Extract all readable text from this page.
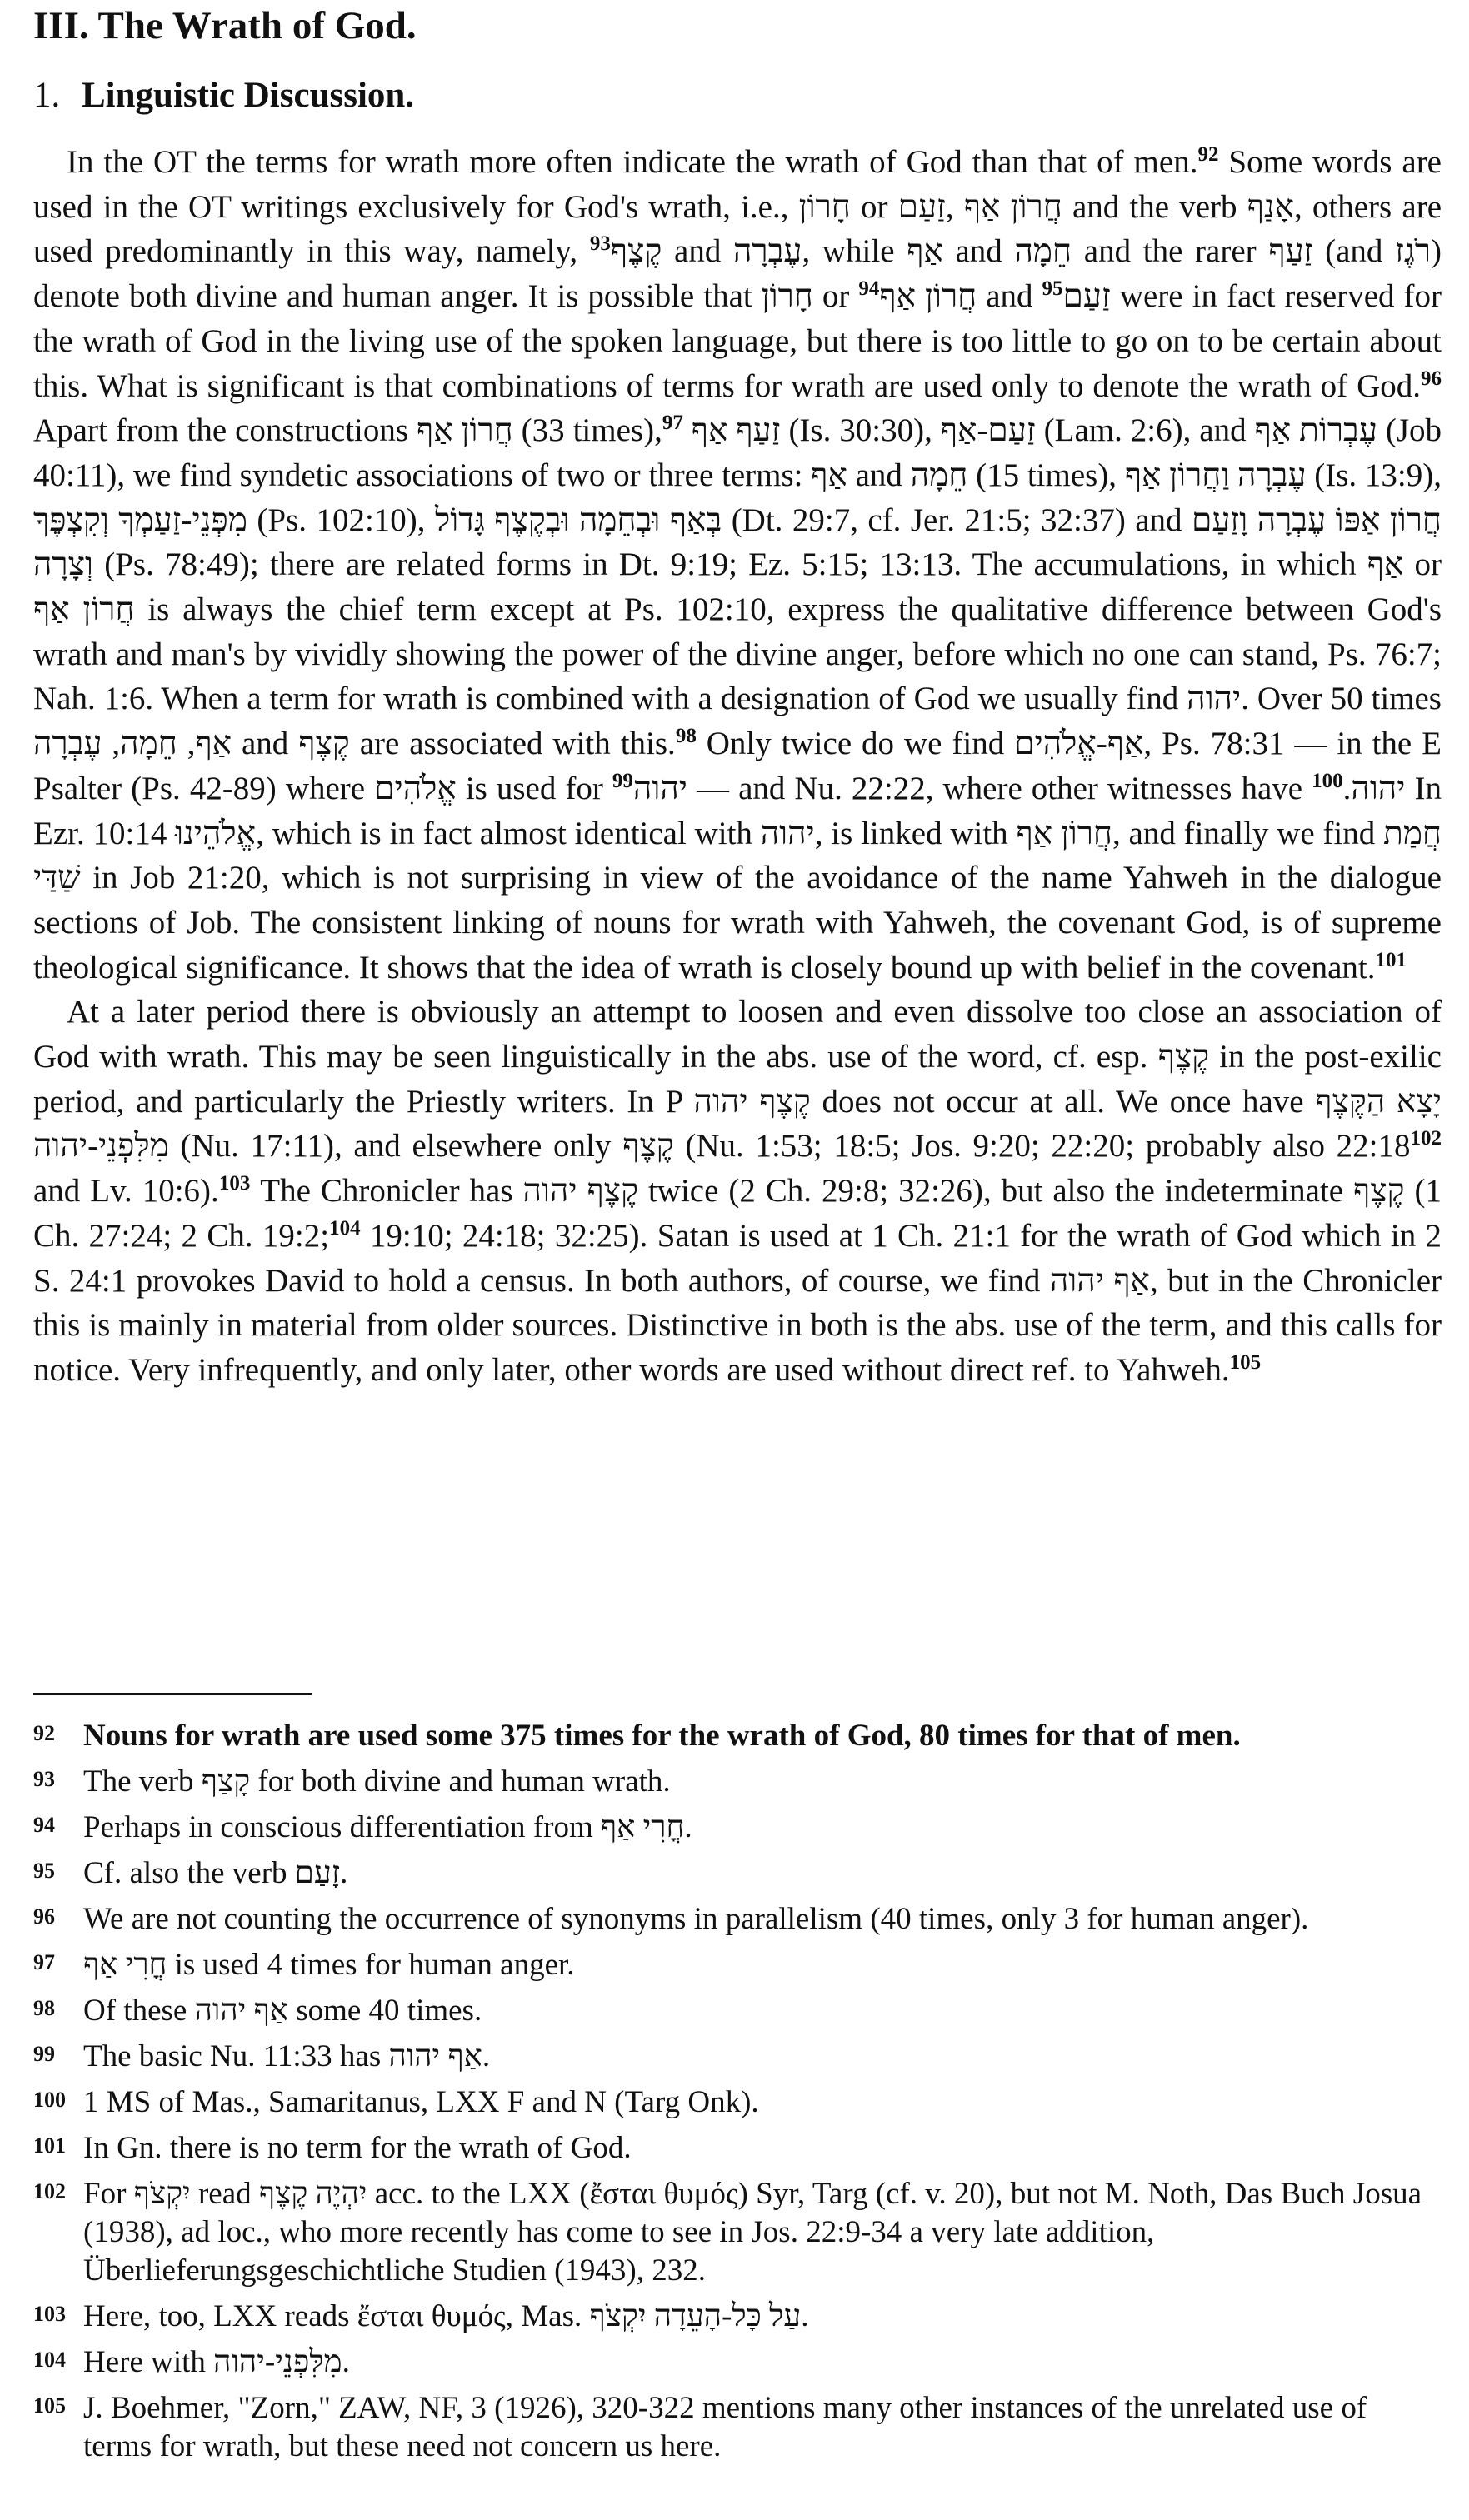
III. The Wrath of God.
1. Linguistic Discussion.

In the OT the terms for wrath more often indicate the wrath of God than that of men.$^{92}$ Some words are used in the OT writings exclusively for God's wrath, i.e., חָרוֹן or חֲרוֹן אַף ,זַעַם and the verb אָנַף, others are used predominantly in this way, namely, קֶצֶף$^{93}$ and עֶבְרָה, while אַף and חֵמָה and the rarer זַעַף (and רֹגֶז) denote both divine and human anger. It is possible that חָרוֹן or חֲרוֹן אַף$^{94}$	and זַעַם$^{95}$ were in fact reserved for the wrath of God in the living use of the spoken language, but there is too little to go on to be certain about this. What is significant is that combinations of terms for wrath are used only to denote the wrath of God.$^{96}$ Apart from the constructions חֲרוֹן אַף (33 times),$^{97}$ זַעַף אַף (Is. 30:30), זַעַם-אַף (Lam. 2:6), and עֶבְרוֹת אַף (Job 40:11), we find syndetic associations of two or three terms: אַף and חֵמָה (15 times), עֶבְרָה וַחֲרוֹן אַף (Is. 13:9), מִפְּנֵי-זַעַמְךָ וְקִצְפֶּךָ (Ps. 102:10), בְּאַף וּבְחֵמָה וּבְקֶצֶף גָּדוֹל (Dt. 29:7, cf. Jer. 21:5; 32:37) and חֲרוֹן אַפּוֹ עֶבְרָה וָזַעַם וְצָרָה (Ps. 78:49); there are related forms in Dt. 9:19; Ez. 5:15; 13:13. The accumulations, in which אַף or חֲרוֹן אַף is always the chief term except at Ps. 102:10, express the qualitative difference between God's wrath and man's by vividly showing the power of the divine anger, before which no one can stand, Ps. 76:7; Nah. 1:6. When a term for wrath is combined with a designation of God we usually find יהוה. Over 50 times אַף, חֵמָה, עֶבְרָה and קֶצֶף are associated with this.$^{98}$ Only twice do we find אַף-אֱלֹהִים, Ps. 78:31 — in the E Psalter (Ps. 42-89) where אֱלֹהִים is used for יהוה$^{99}$ — and Nu. 22:22, where other witnesses have יהוה.$^{100}$ In Ezr. 10:14 אֱלֹהֵינוּ, which is in fact almost identical with יהוה, is linked with חֲרוֹן אַף, and finally we find חֲמַת שַׁדַּי in Job 21:20, which is not surprising in view of the avoidance of the name Yahweh in the dialogue sections of Job. The consistent linking of nouns for wrath with Yahweh, the covenant God, is of supreme theological significance. It shows that the idea of wrath is closely bound up with belief in the covenant.$^{101}$

At a later period there is obviously an attempt to loosen and even dissolve too close an association of God with wrath. This may be seen linguistically in the abs. use of the word, cf. esp. קֶצֶף in the post-exilic period, and particularly the Priestly writers. In P קֶצֶף יהוה does not occur at all. We once have יָצָא הַקֶּצֶף מִלִּפְנֵי-יהוה (Nu. 17:11), and elsewhere only קֶצֶף (Nu. 1:53; 18:5; Jos. 9:20; 22:20; probably also $22:18^{102}$ and Lv. 10:6).$^{103}$ The Chronicler has קֶצֶף יהוה twice (2 Ch. 29:8; 32:26), but also the indeterminate קֶצֶף (1 Ch. 27:24; 2 Ch. 19:2;$^{104}$ 19:10; 24:18; 32:25). Satan is used at 1 Ch. 21:1 for the wrath of God which in 2 S. 24:1 provokes David to hold a census. In both authors, of course, we find אַף יהוה, but in the Chronicler this is mainly in material from older sources. Distinctive in both is the abs. use of the term, and this calls for notice. Very infrequently, and only later, other words are used without direct ref. to Yahweh.$^{105}$

92 Nouns for wrath are used some 375 times for the wrath of God, 80 times for that of men.
93 The verb קָצַף for both divine and human wrath.
94 Perhaps in conscious differentiation from חֳרִי אַף.
95 Cf. also the verb זָעַם.
96 We are not counting the occurrence of synonyms in parallelism (40 times, only 3 for human anger).
97 חֳרִי אַף is used 4 times for human anger.
98 Of these אַף יהוה some 40 times.
99 The basic Nu. 11:33 has אַף יהוה.
100 1 MS of Mas., Samaritanus, LXX F and N (Targ Onk).
101 In Gn. there is no term for the wrath of God.
102 For יִקְצֹף read יִהְיֶה קֶצֶף acc. to the LXX (ἔσται θυμός) Syr, Targ (cf. v. 20), but not M. Noth, Das Buch Josua (1938), ad loc., who more recently has come to see in Jos. 22:9-34 a very late addition, Überlieferungsgeschichtliche Studien (1943), 232.
103 Here, too, LXX reads ἔσται θυμός, Mas. עַל כָּל-הָעֵדָה יִקְצֹף.
104 Here with מִלִּפְנֵי-יהוה.
105 J. Boehmer, "Zorn," ZAW, NF, 3 (1926), 320-322 mentions many other instances of the unrelated use of terms for wrath, but these need not concern us here.
